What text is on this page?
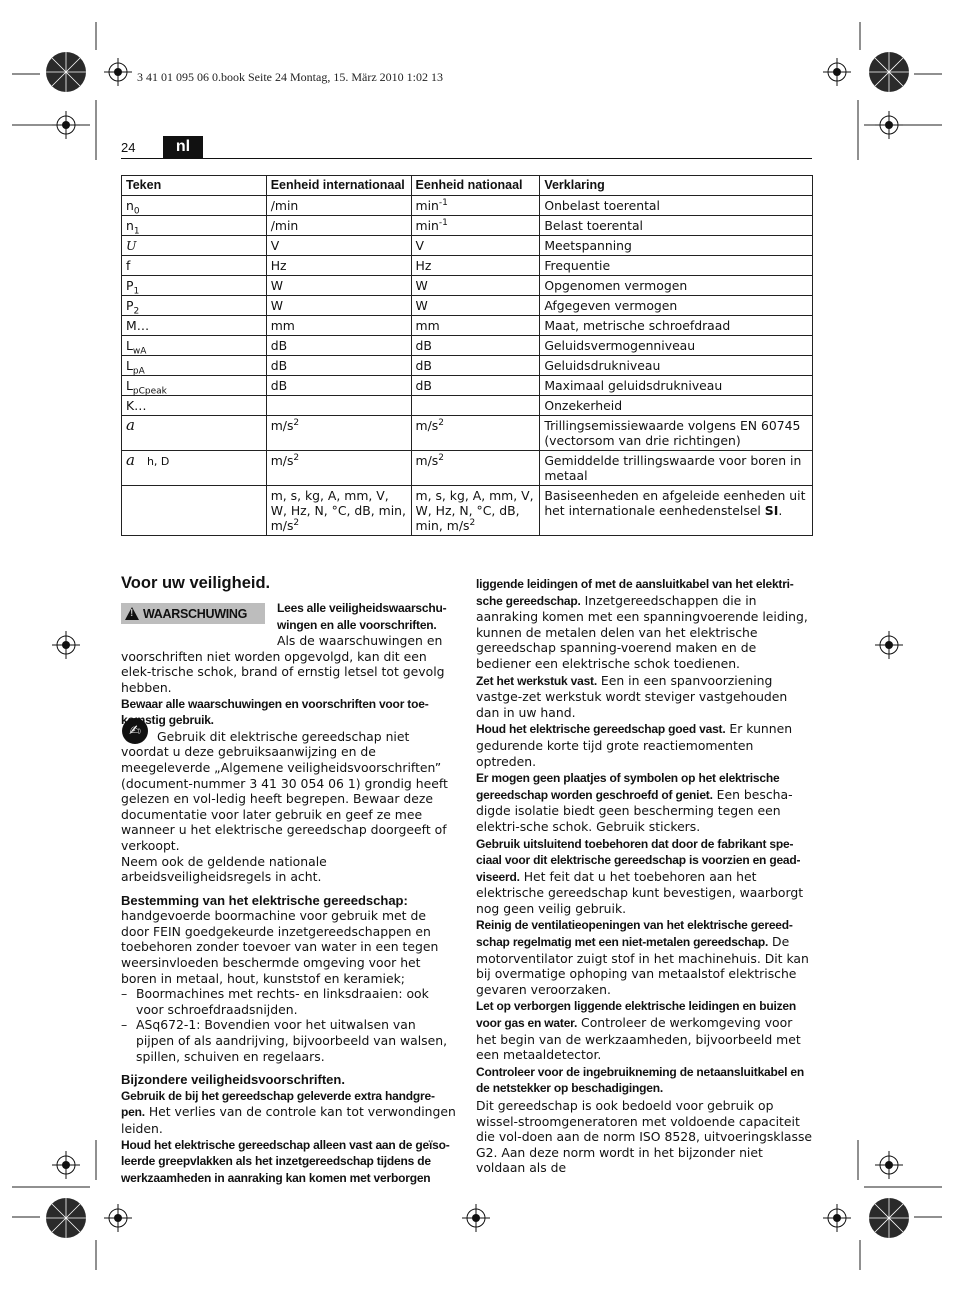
3 41 01 095 06 0.book Seite 24 Montag, 15. März 2010 1:02 13
24	nl
Teken	Eenheid internationaal	Eenheid nationaal	Verklaring
$n_0$	/min	$\min^{-1}$	Onbelast toerental
$n_1$	/min	$\min^{-1}$	Belast toerental
U	V	V	Meetspanning
f	Hz	Hz	Frequentie
$P_1$	W	W	Opgenomen vermogen
$P_2$	W	W	Afgegeven vermogen
M…	mm	mm	Maat, metrische schroefdraad
$L_{wA}$	dB	dB	Geluidsvermogenniveau
$L_{pA}$	dB	dB	Geluidsdrukniveau
$L_{pCpeak}$	dB	dB	Maximaal geluidsdrukniveau
K…			Onzekerheid
a	$m/s^2$	$m/s^2$	Trillingsemissiewaarde volgens EN 60745 (vectorsom van drie richtingen)
a h, D	$m/s^2$	$m/s^2$	Gemiddelde trillingswaarde voor boren in metaal
	m, s, kg, A, mm, V, W, Hz, N, °C, dB, min, $m/s^2$	m, s, kg, A, mm, V, W, Hz, N, °C, dB, min, $m/s^2$	Basiseenheden en afgeleide eenheden uit het internationale eenhedenstelsel SI.
Voor uw veiligheid.
!
WAARSCHUWING
✍

Lees alle veiligheidswaarschu-
wingen en alle voorschriften.
Als de waarschuwingen en

voorschriften niet worden opgevolgd, kan dit een elek-trische schok, brand of ernstig letsel tot gevolg hebben.

Bewaar alle waarschuwingen en voorschriften voor toe-komstig gebruik.

Gebruik dit elektrische gereedschap niet voordat u deze gebruiksaanwijzing en de meegeleverde „Algemene veiligheidsvoorschriften” (document-nummer 3 41 30 054 06 1) grondig heeft gelezen en vol-ledig heeft begrepen. Bewaar deze documentatie voor later gebruik en geef ze mee wanneer u het elektrische gereedschap doorgeeft of verkoopt.

Neem ook de geldende nationale arbeidsveiligheidsregels in acht.

Bestemming van het elektrische gereedschap:

handgevoerde boormachine voor gebruik met de door FEIN goedgekeurde inzetgereedschappen en toebehoren zonder toevoer van water in een tegen weersinvloeden beschermde omgeving voor het boren in metaal, hout, kunststof en keramiek;

– Boormachines met rechts- en linksdraaien: ook voor schroefdraadsnijden.
– ASq672-1: Bovendien voor het uitwalsen van pijpen of als aandrijving, bijvoorbeeld van walsen, spillen, schuiven en regelaars.

Bijzondere veiligheidsvoorschriften.

Gebruik de bij het gereedschap geleverde extra handgre-pen. Het verlies van de controle kan tot verwondingen leiden.

Houd het elektrische gereedschap alleen vast aan de geïso-leerde greepvlakken als het inzetgereedschap tijdens de werkzaamheden in aanraking kan komen met verborgen

liggende leidingen of met de aansluitkabel van het elektri-sche gereedschap. Inzetgereedschappen die in aanraking komen met een spanningvoerende leiding, kunnen de metalen delen van het elektrische gereedschap spanning-voerend maken en de bediener een elektrische schok toedienen.

Zet het werkstuk vast. Een in een spanvoorziening vastge-zet werkstuk wordt steviger vastgehouden dan in uw hand.

Houd het elektrische gereedschap goed vast. Er kunnen gedurende korte tijd grote reactiemomenten optreden.

Er mogen geen plaatjes of symbolen op het elektrische gereedschap worden geschroefd of geniet. Een bescha-digde isolatie biedt geen bescherming tegen een elektri-sche schok. Gebruik stickers.

Gebruik uitsluitend toebehoren dat door de fabrikant spe-ciaal voor dit elektrische gereedschap is voorzien en gead-viseerd. Het feit dat u het toebehoren aan het elektrische gereedschap kunt bevestigen, waarborgt nog geen veilig gebruik.

Reinig de ventilatieopeningen van het elektrische gereed-schap regelmatig met een niet-metalen gereedschap. De motorventilator zuigt stof in het machinehuis. Dit kan bij overmatige ophoping van metaalstof elektrische gevaren veroorzaken.

Let op verborgen liggende elektrische leidingen en buizen voor gas en water. Controleer de werkomgeving voor het begin van de werkzaamheden, bijvoorbeeld met een metaaldetector.

Controleer voor de ingebruikneming de netaansluitkabel en de netstekker op beschadigingen.

Dit gereedschap is ook bedoeld voor gebruik op wissel-stroomgeneratoren met voldoende capaciteit die vol-doen aan de norm ISO 8528, uitvoeringsklasse G2. Aan deze norm wordt in het bijzonder niet voldaan als de
